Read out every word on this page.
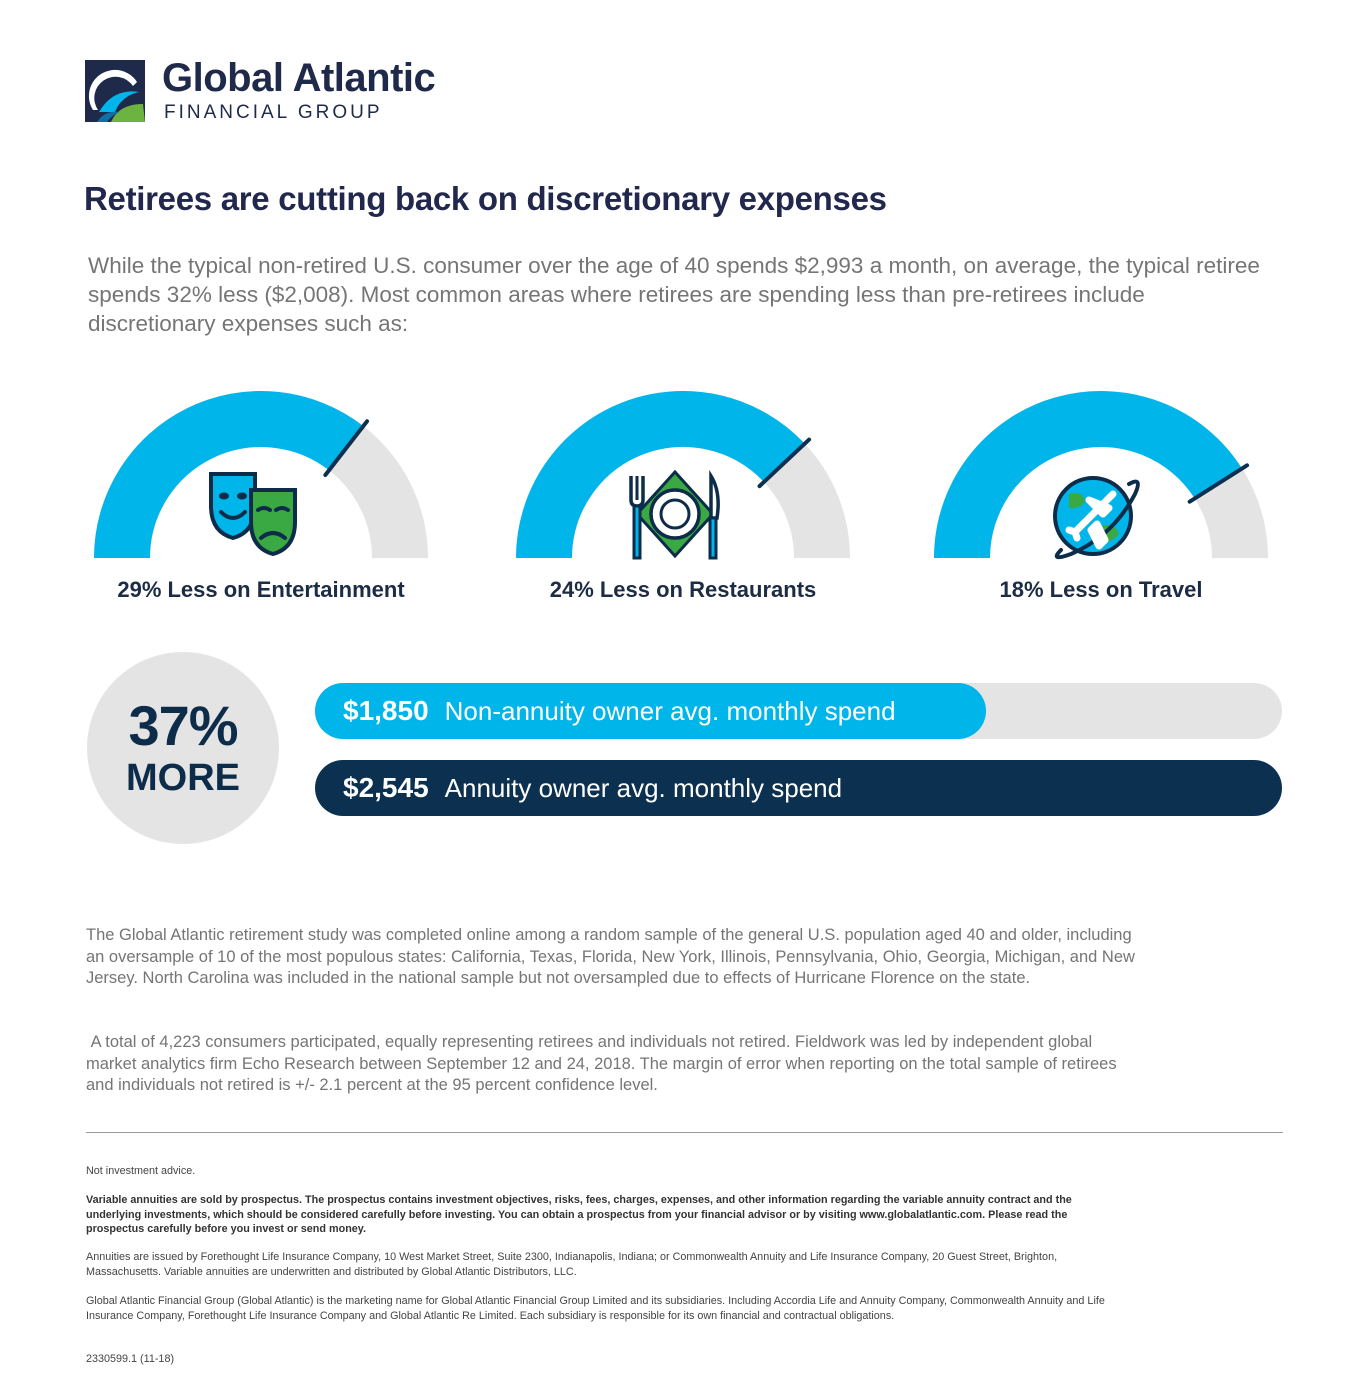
Global Atlantic
FINANCIAL GROUP
Retirees are cutting back on discretionary expenses

While the typical non-retired U.S. consumer over the age of 40 spends $2,993 a month, on average, the typical retiree spends 32% less ($2,008). Most common areas where retirees are spending less than pre-retirees include discretionary expenses such as:

29% Less on Entertainment	24% Less on Restaurants	18% Less on Travel
37%
MORE
$1,850 Non-annuity owner avg. monthly spend
$2,545 Annuity owner avg. monthly spend

The Global Atlantic retirement study was completed online among a random sample of the general U.S. population aged 40 and older, including an oversample of 10 of the most populous states: California, Texas, Florida, New York, Illinois, Pennsylvania, Ohio, Georgia, Michigan, and New Jersey. North Carolina was included in the national sample but not oversampled due to effects of Hurricane Florence on the state.

A total of 4,223 consumers participated, equally representing retirees and individuals not retired. Fieldwork was led by independent global market analytics firm Echo Research between September 12 and 24, 2018. The margin of error when reporting on the total sample of retirees and individuals not retired is +/- 2.1 percent at the 95 percent confidence level.

Not investment advice.

Variable annuities are sold by prospectus. The prospectus contains investment objectives, risks, fees, charges, expenses, and other information regarding the variable annuity contract and the underlying investments, which should be considered carefully before investing. You can obtain a prospectus from your financial advisor or by visiting www.globalatlantic.com. Please read the prospectus carefully before you invest or send money.

Annuities are issued by Forethought Life Insurance Company, 10 West Market Street, Suite 2300, Indianapolis, Indiana; or Commonwealth Annuity and Life Insurance Company, 20 Guest Street, Brighton, Massachusetts. Variable annuities are underwritten and distributed by Global Atlantic Distributors, LLC.

Global Atlantic Financial Group (Global Atlantic) is the marketing name for Global Atlantic Financial Group Limited and its subsidiaries. Including Accordia Life and Annuity Company, Commonwealth Annuity and Life Insurance Company, Forethought Life Insurance Company and Global Atlantic Re Limited. Each subsidiary is responsible for its own financial and contractual obligations.

2330599.1 (11-18)
